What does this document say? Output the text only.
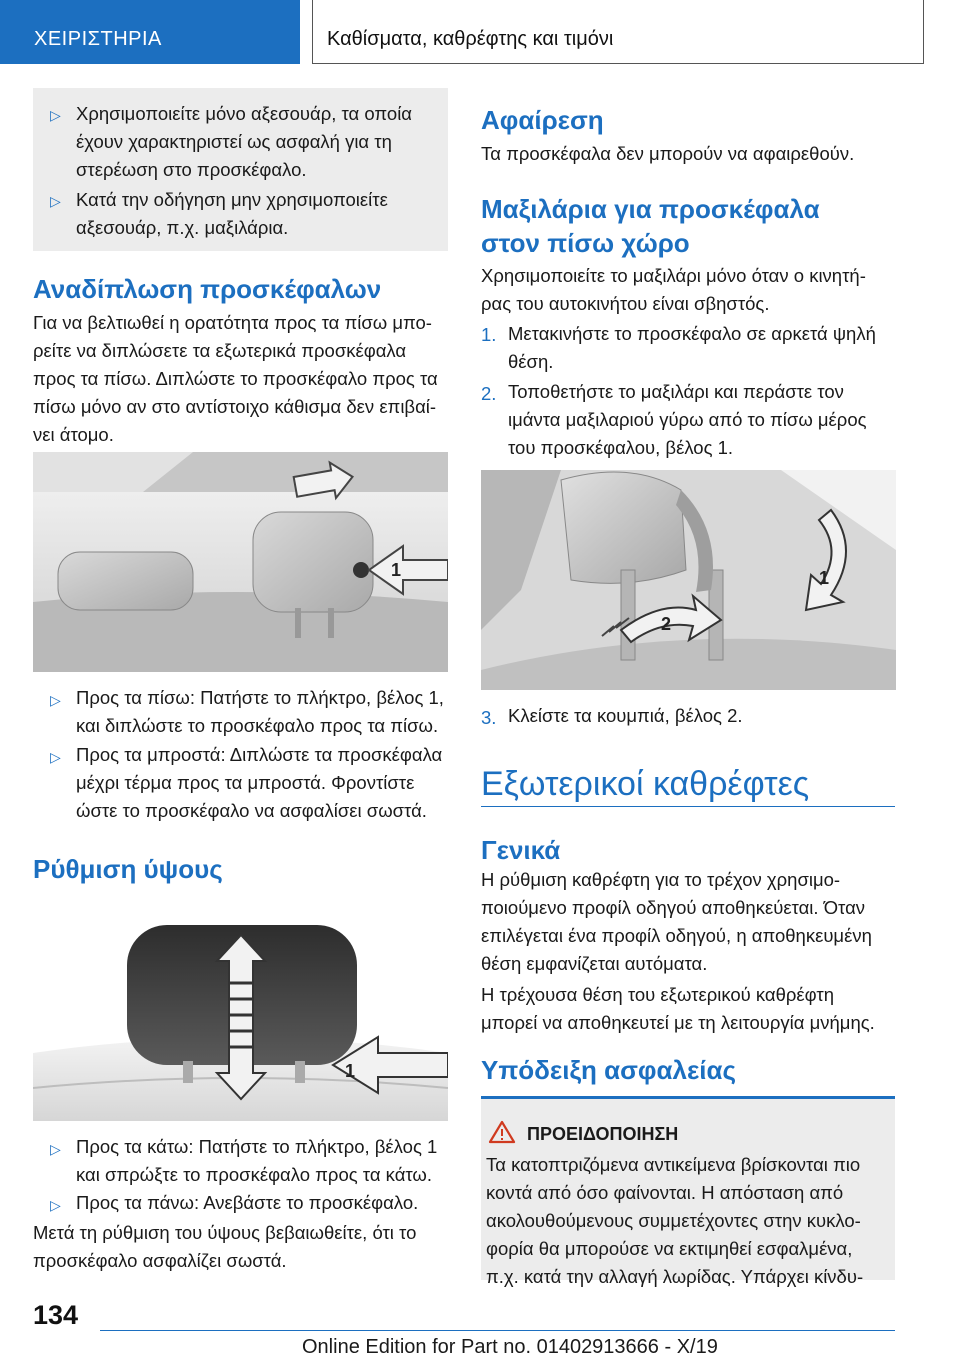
ΧΕΙΡΙΣΤΗΡΙΑ	Καθίσματα, καθρέφτης και τιμόνι
▷ Χρησιμοποιείτε μόνο αξεσουάρ, τα οποία
έχουν χαρακτηριστεί ως ασφαλή για τη
στερέωση στο προσκέφαλο.
▷ Κατά την οδήγηση μην χρησιμοποιείτε
αξεσουάρ, π.χ. μαξιλάρια.
Αναδίπλωση προσκέφαλων
Για να βελτιωθεί η ορατότητα προς τα πίσω μπο-
ρείτε να διπλώσετε τα εξωτερικά προσκέφαλα
προς τα πίσω. Διπλώστε το προσκέφαλο προς τα
πίσω μόνο αν στο αντίστοιχο κάθισμα δεν επιβαί-
νει άτομο.
1
▷ Προς τα πίσω: Πατήστε το πλήκτρο, βέλος 1,
και διπλώστε το προσκέφαλο προς τα πίσω.
▷ Προς τα μπροστά: Διπλώστε τα προσκέφαλα
μέχρι τέρμα προς τα μπροστά. Φροντίστε
ώστε το προσκέφαλο να ασφαλίσει σωστά.
Ρύθμιση ύψους
1
▷ Προς τα κάτω: Πατήστε το πλήκτρο, βέλος 1
και σπρώξτε το προσκέφαλο προς τα κάτω.
▷ Προς τα πάνω: Ανεβάστε το προσκέφαλο.
Μετά τη ρύθμιση του ύψους βεβαιωθείτε, ότι το
προσκέφαλο ασφαλίζει σωστά.
Αφαίρεση
Τα προσκέφαλα δεν μπορούν να αφαιρεθούν.
Μαξιλάρια για προσκέφαλα
στον πίσω χώρο
Χρησιμοποιείτε το μαξιλάρι μόνο όταν ο κινητή-
ρας του αυτοκινήτου είναι σβηστός.
1. Μετακινήστε το προσκέφαλο σε αρκετά ψηλή
θέση.
2. Τοποθετήστε το μαξιλάρι και περάστε τον
ιμάντα μαξιλαριού γύρω από το πίσω μέρος
του προσκέφαλου, βέλος 1.
1
2
3. Κλείστε τα κουμπιά, βέλος 2.
Εξωτερικοί καθρέφτες
Γενικά
Η ρύθμιση καθρέφτη για το τρέχον χρησιμο-
ποιούμενο προφίλ οδηγού αποθηκεύεται. Όταν
επιλέγεται ένα προφίλ οδηγού, η αποθηκευμένη
θέση εμφανίζεται αυτόματα.
Η τρέχουσα θέση του εξωτερικού καθρέφτη
μπορεί να αποθηκευτεί με τη λειτουργία μνήμης.
Υπόδειξη ασφαλείας
ΠΡΟΕΙΔΟΠΟΙΗΣΗ
Τα κατοπτριζόμενα αντικείμενα βρίσκονται πιο
κοντά από όσο φαίνονται. Η απόσταση από
ακολουθούμενους συμμετέχοντες στην κυκλο-
φορία θα μπορούσε να εκτιμηθεί εσφαλμένα,
π.χ. κατά την αλλαγή λωρίδας. Υπάρχει κίνδυ-
134
Online Edition for Part no. 01402913666 - X/19
